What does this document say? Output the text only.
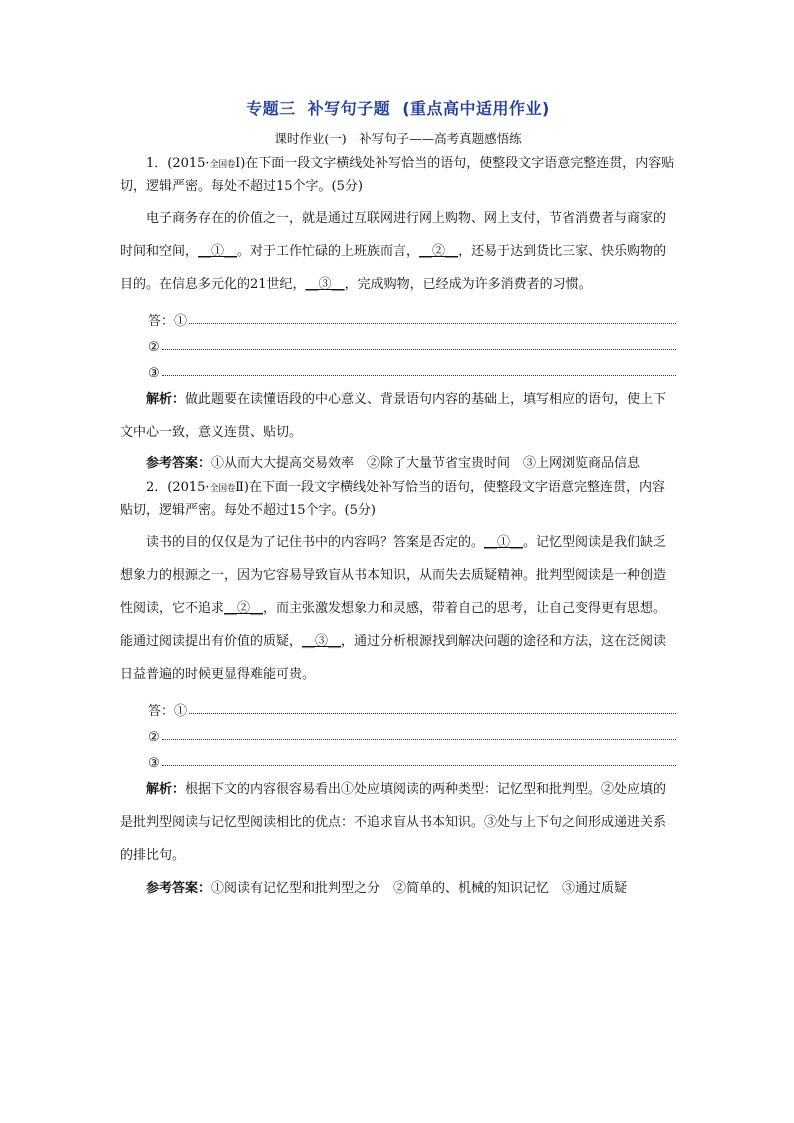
专题三 补写句子题 (重点高中适用作业)
课时作业(一)　补写句子——高考真题感悟练

1．(2015·全国卷Ⅰ)在下面一段文字横线处补写恰当的语句，使整段文字语意完整连贯，内容贴切，逻辑严密。每处不超过15个字。(5分)

电子商务存在的价值之一，就是通过互联网进行网上购物、网上支付，节省消费者与商家的时间和空间，__①__。对于工作忙碌的上班族而言，__②__，还易于达到货比三家、快乐购物的目的。在信息多元化的21世纪，__③__，完成购物，已经成为许多消费者的习惯。

答：①
②
③

解析：做此题要在读懂语段的中心意义、背景语句内容的基础上，填写相应的语句，使上下文中心一致，意义连贯、贴切。

参考答案：①从而大大提高交易效率　②除了大量节省宝贵时间　③上网浏览商品信息

2．(2015·全国卷Ⅱ)在下面一段文字横线处补写恰当的语句，使整段文字语意完整连贯，内容贴切，逻辑严密。每处不超过15个字。(5分)

读书的目的仅仅是为了记住书中的内容吗？答案是否定的。__①__。记忆型阅读是我们缺乏想象力的根源之一，因为它容易导致盲从书本知识，从而失去质疑精神。批判型阅读是一种创造性阅读，它不追求__②__，而主张激发想象力和灵感，带着自己的思考，让自己变得更有思想。能通过阅读提出有价值的质疑，__③__，通过分析根源找到解决问题的途径和方法，这在泛阅读日益普遍的时候更显得难能可贵。

答：①
②
③

解析：根据下文的内容很容易看出①处应填阅读的两种类型：记忆型和批判型。②处应填的是批判型阅读与记忆型阅读相比的优点：不追求盲从书本知识。③处与上下句之间形成递进关系的排比句。

参考答案：①阅读有记忆型和批判型之分　②简单的、机械的知识记忆　③通过质疑
